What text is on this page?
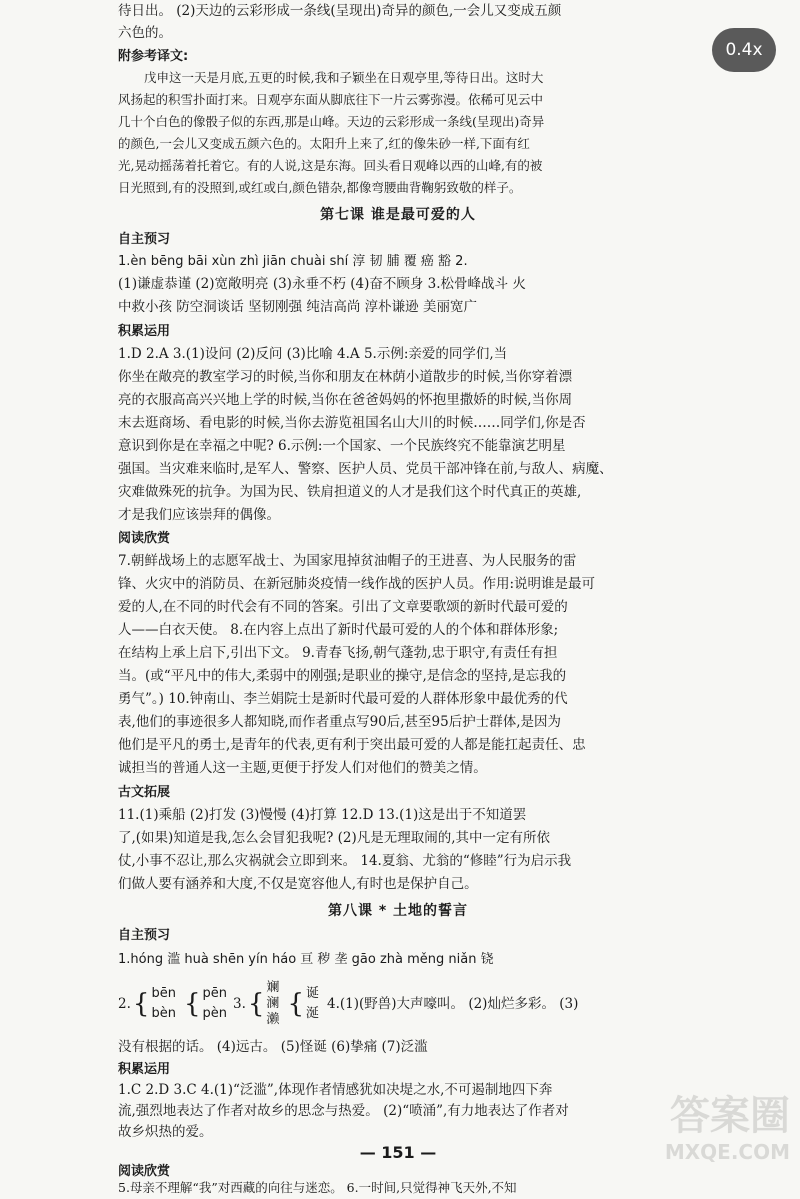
待日出。 (2)天边的云彩形成一条线(呈现出)奇异的颜色,一会儿又变成五颜

六色的。

附参考译文:

戊申这一天是月底,五更的时候,我和子颖坐在日观亭里,等待日出。这时大

风扬起的积雪扑面打来。日观亭东面从脚底往下一片云雾弥漫。依稀可见云中

几十个白色的像骰子似的东西,那是山峰。天边的云彩形成一条线(呈现出)奇异

的颜色,一会儿又变成五颜六色的。太阳升上来了,红的像朱砂一样,下面有红

光,晃动摇荡着托着它。有的人说,这是东海。回头看日观峰以西的山峰,有的被

日光照到,有的没照到,或红或白,颜色错杂,都像弯腰曲背鞠躬致敬的样子。

第七课 谁是最可爱的人

自主预习

1.èn bēng bāi xùn zhì jiān chuài shí 淳 韧 脯 覆 癌 豁 2.

(1)谦虚恭谨 (2)宽敞明亮 (3)永垂不朽 (4)奋不顾身 3.松骨峰战斗 火

中救小孩 防空洞谈话 坚韧刚强 纯洁高尚 淳朴谦逊 美丽宽广

积累运用

1.D 2.A 3.(1)设问 (2)反问 (3)比喻 4.A 5.示例:亲爱的同学们,当

你坐在敞亮的教室学习的时候,当你和朋友在林荫小道散步的时候,当你穿着漂

亮的衣服高高兴兴地上学的时候,当你在爸爸妈妈的怀抱里撒娇的时候,当你周

末去逛商场、看电影的时候,当你去游览祖国名山大川的时候……同学们,你是否

意识到你是在幸福之中呢? 6.示例:一个国家、一个民族终究不能靠演艺明星

强国。当灾难来临时,是军人、警察、医护人员、党员干部冲锋在前,与敌人、病魔、

灾难做殊死的抗争。为国为民、铁肩担道义的人才是我们这个时代真正的英雄,

才是我们应该崇拜的偶像。

阅读欣赏

7.朝鲜战场上的志愿军战士、为国家甩掉贫油帽子的王进喜、为人民服务的雷

锋、火灾中的消防员、在新冠肺炎疫情一线作战的医护人员。作用:说明谁是最可

爱的人,在不同的时代会有不同的答案。引出了文章要歌颂的新时代最可爱的

人——白衣天使。 8.在内容上点出了新时代最可爱的人的个体和群体形象;

在结构上承上启下,引出下文。 9.青春飞扬,朝气蓬勃,忠于职守,有责任有担

当。(或“平凡中的伟大,柔弱中的刚强;是职业的操守,是信念的坚持,是忘我的

勇气”。) 10.钟南山、李兰娟院士是新时代最可爱的人群体形象中最优秀的代

表,他们的事迹很多人都知晓,而作者重点写90后,甚至95后护士群体,是因为

他们是平凡的勇士,是青年的代表,更有利于突出最可爱的人都是能扛起责任、忠

诚担当的普通人这一主题,更便于抒发人们对他们的赞美之情。

古文拓展

11.(1)乘船 (2)打发 (3)慢慢 (4)打算 12.D 13.(1)这是出于不知道罢

了,(如果)知道是我,怎么会冒犯我呢? (2)凡是无理取闹的,其中一定有所依

仗,小事不忍让,那么灾祸就会立即到来。 14.夏翁、尤翁的“修睦”行为启示我

们做人要有涵养和大度,不仅是宽容他人,有时也是保护自己。

第八课 * 土地的誓言

自主预习

1.hóng 滥 huà shēn yín háo 亘 秽 垄 gāo zhà měng niǎn 铙

2. { bēn
bèn { pēn
pèn
3. {
斓
澜
濑
{ 诞
涎
4.(1)(野兽)大声嚎叫。 (2)灿烂多彩。 (3)

没有根据的话。 (4)远古。 (5)怪诞 (6)挚痛 (7)泛滥

积累运用

1.C 2.D 3.C 4.(1)“泛滥”,体现作者情感犹如决堤之水,不可遏制地四下奔

流,强烈地表达了作者对故乡的思念与热爱。 (2)“喷涌”,有力地表达了作者对

故乡炽热的爱。

— 151 —

阅读欣赏

5.母亲不理解“我”对西藏的向往与迷恋。 6.一时间,只觉得神飞天外,不知

答案圈
MXQE.COM
0.4x
